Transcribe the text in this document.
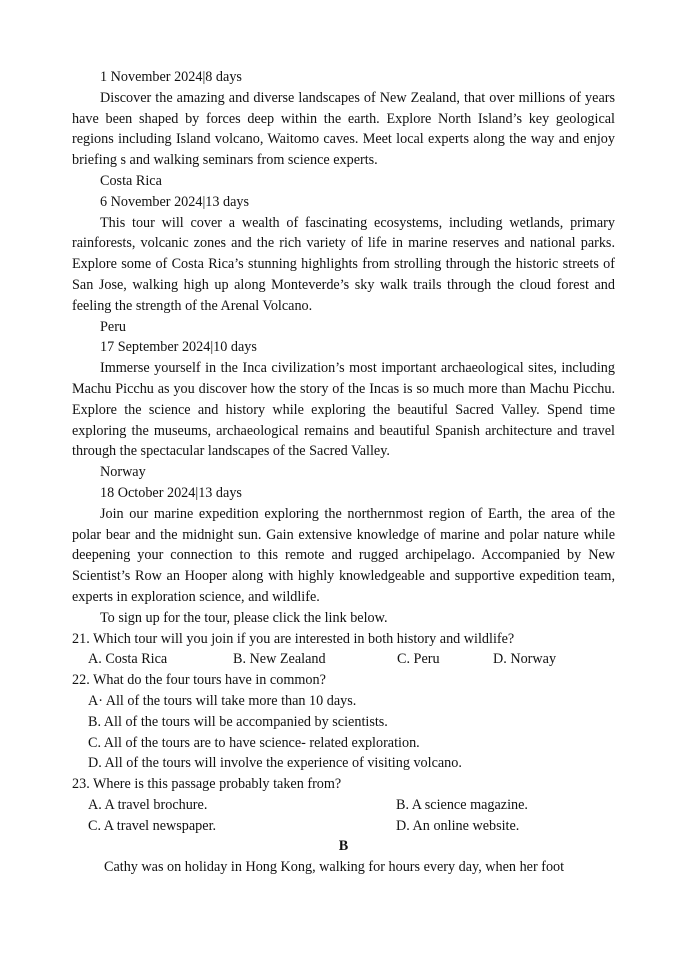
1 November 2024|8 days

Discover the amazing and diverse landscapes of New Zealand, that over millions of years have been shaped by forces deep within the earth. Explore North Island’s key geological regions including Island volcano, Waitomo caves. Meet local experts along the way and enjoy briefing s and walking seminars from science experts.

Costa Rica
6 November 2024|13 days

This tour will cover a wealth of fascinating ecosystems, including wetlands, primary rainforests, volcanic zones and the rich variety of life in marine reserves and national parks. Explore some of Costa Rica’s stunning highlights from strolling through the historic streets of San Jose, walking high up along Monteverde’s sky walk trails through the cloud forest and feeling the strength of the Arenal Volcano.

Peru
17 September 2024|10 days

Immerse yourself in the Inca civilization’s most important archaeological sites, including Machu Picchu as you discover how the story of the Incas is so much more than Machu Picchu. Explore the science and history while exploring the beautiful Sacred Valley. Spend time exploring the museums, archaeological remains and beautiful Spanish architecture and travel through the spectacular landscapes of the Sacred Valley.

Norway
18 October 2024|13 days

Join our marine expedition exploring the northernmost region of Earth, the area of the polar bear and the midnight sun. Gain extensive knowledge of marine and polar nature while deepening your connection to this remote and rugged archipelago. Accompanied by New Scientist’s Row an Hooper along with highly knowledgeable and supportive expedition team, experts in exploration science, and wildlife.

To sign up for the tour, please click the link below.
21. Which tour will you join if you are interested in both history and wildlife?
A. Costa Rica	B. New Zealand	C. Peru	D. Norway
22. What do the four tours have in common?
A· All of the tours will take more than 10 days.
B. All of the tours will be accompanied by scientists.
C. All of the tours are to have science- related exploration.
D. All of the tours will involve the experience of visiting volcano.
23. Where is this passage probably taken from?
A. A travel brochure.	B. A science magazine.
C. A travel newspaper.	D. An online website.
B
Cathy was on holiday in Hong Kong, walking for hours every day, when her foot
